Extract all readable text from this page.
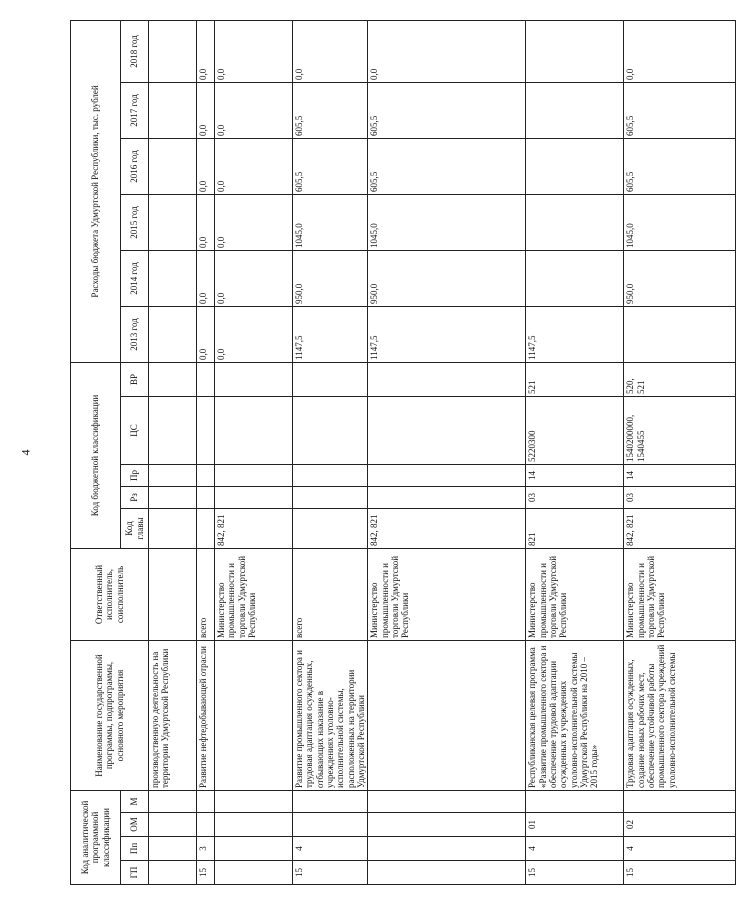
4
Код аналитической программной классификации				Наименование государственной программы, подпрограммы, основного мероприятия	Ответственный исполнитель, соисполнитель	Код бюджетной классификации					Расходы бюджета Удмуртской Республики, тыс. рублей					
ГП	Пп	ОМ	М			Код главы	Рз	Пр	ЦС	ВР	2013 год	2014 год	2015 год	2016 год	2017 год	2018 год
				производственную деятельность на территории Удмуртской Республики												
15	3			Развитие нефтедобывающей отрасли	всего						0,0	0,0	0,0	0,0	0,0	0,0
					Министерство промышленности и торговли Удмуртской Республики	842, 821					0,0	0,0	0,0	0,0	0,0	0,0
15	4			Развитие промышленного сектора и трудовая адаптация осужденных, отбывающих наказание в учреждениях уголовно-исполнительной системы, расположенных на территории Удмуртской Республики	всего						1147,5	950,0	1045,0	605,5	605,5	0,0
					Министерство промышленности и торговли Удмуртской Республики	842, 821					1147,5	950,0	1045,0	605,5	605,5	0,0
15	4	01		Республиканская целевая программа «Развитие промышленного сектора и обеспечение трудовой адаптации осужденных в учреждениях уголовно-исполнительной системы Удмуртской Республики на 2010 – 2015 годы»	Министерство промышленности и торговли Удмуртской Республики	821	03	14	5220300	521	1147,5					
15	4	02		Трудовая адаптация осужденных, создание новых рабочих мест, обеспечение устойчивой работы промышленного сектора учреждений уголовно-исполнительной системы	Министерство промышленности и торговли Удмуртской Республики	842, 821	03	14	1540200000, 1540455	520, 521		950,0	1045,0	605,5	605,5	0,0
